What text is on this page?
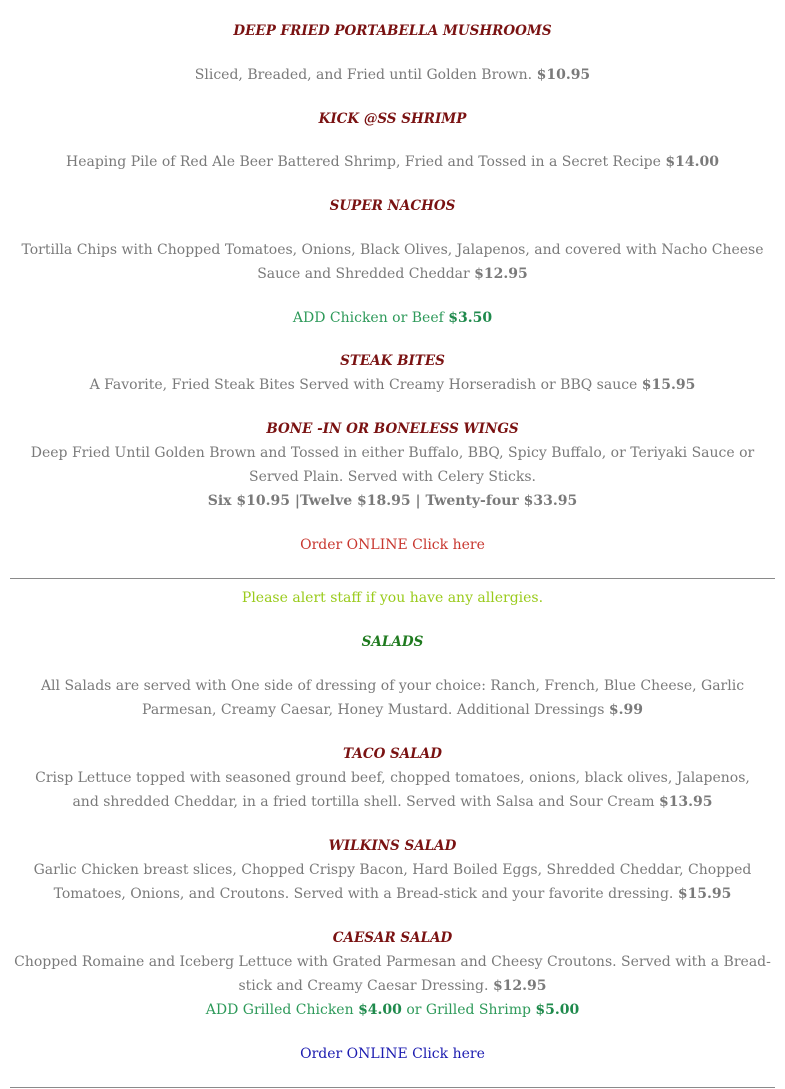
DEEP FRIED PORTABELLA MUSHROOMS
Sliced, Breaded, and Fried until Golden Brown. $10.95
KICK @SS SHRIMP
Heaping Pile of Red Ale Beer Battered Shrimp, Fried and Tossed in a Secret Recipe $14.00
SUPER NACHOS
Tortilla Chips with Chopped Tomatoes, Onions, Black Olives, Jalapenos, and covered with Nacho Cheese Sauce and Shredded Cheddar $12.95
ADD Chicken or Beef $3.50
STEAK BITES
A Favorite, Fried Steak Bites Served with Creamy Horseradish or BBQ sauce $15.95
BONE -IN OR BONELESS WINGS
Deep Fried Until Golden Brown and Tossed in either Buffalo, BBQ, Spicy Buffalo, or Teriyaki Sauce or Served Plain. Served with Celery Sticks.
Six $10.95 |Twelve $18.95 | Twenty-four $33.95
Order ONLINE Click here
Please alert staff if you have any allergies.
SALADS
All Salads are served with One side of dressing of your choice: Ranch, French, Blue Cheese, Garlic Parmesan, Creamy Caesar, Honey Mustard. Additional Dressings $.99
TACO SALAD
Crisp Lettuce topped with seasoned ground beef, chopped tomatoes, onions, black olives, Jalapenos, and shredded Cheddar, in a fried tortilla shell. Served with Salsa and Sour Cream $13.95
WILKINS SALAD
Garlic Chicken breast slices, Chopped Crispy Bacon, Hard Boiled Eggs, Shredded Cheddar, Chopped Tomatoes, Onions, and Croutons. Served with a Bread-stick and your favorite dressing. $15.95
CAESAR SALAD
Chopped Romaine and Iceberg Lettuce with Grated Parmesan and Cheesy Croutons. Served with a Bread-stick and Creamy Caesar Dressing. $12.95
ADD Grilled Chicken $4.00 or Grilled Shrimp $5.00
Order ONLINE Click here
